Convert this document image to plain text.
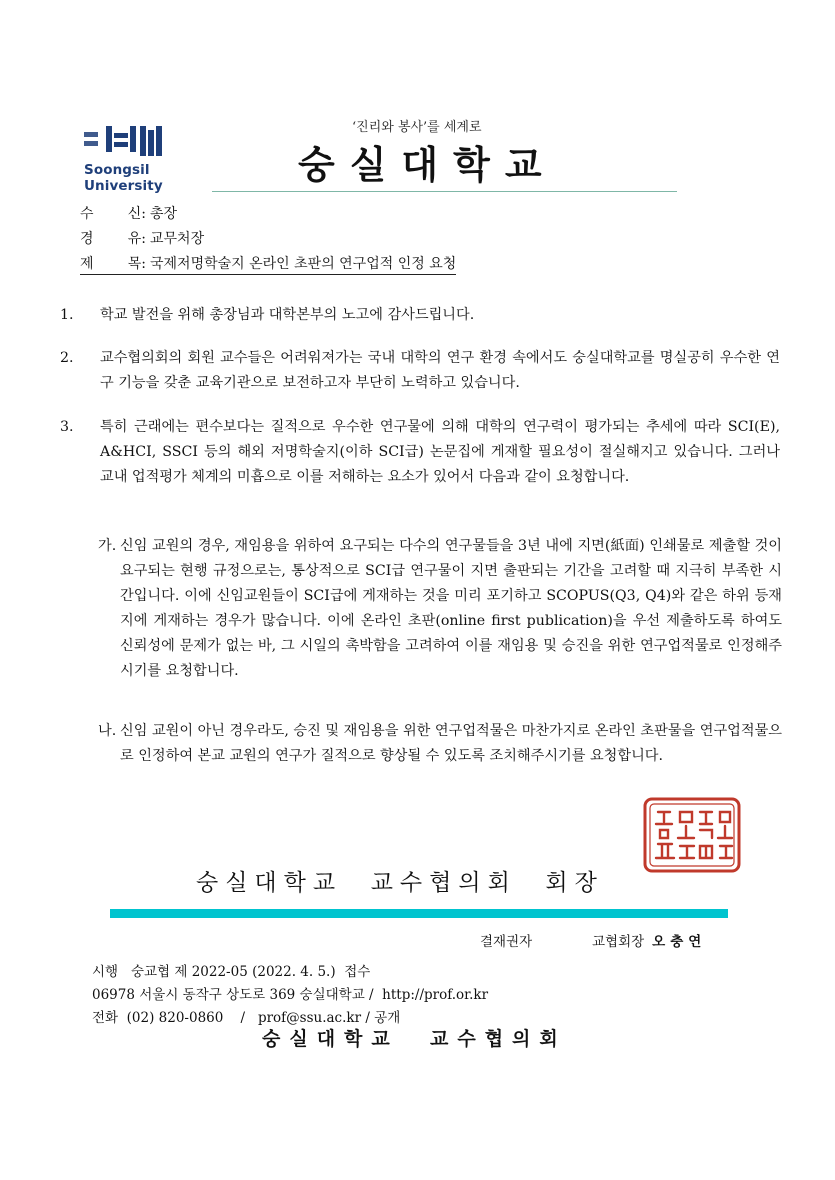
Soongsil University
‘진리와 봉사’를 세계로
숭실대학교
수 신: 총장
경 유: 교무처장
제 목: 국제저명학술지 온라인 초판의 연구업적 인정 요청
1. 학교 발전을 위해 총장님과 대학본부의 노고에 감사드립니다.
2. 교수협의회의 회원 교수들은 어려워져가는 국내 대학의 연구 환경 속에서도 숭실대학교를 명실공히 우수한 연구 기능을 갖춘 교육기관으로 보전하고자 부단히 노력하고 있습니다.
3. 특히 근래에는 편수보다는 질적으로 우수한 연구물에 의해 대학의 연구력이 평가되는 추세에 따라 SCI(E), A&HCI, SSCI 등의 해외 저명학술지(이하 SCI급) 논문집에 게재할 필요성이 절실해지고 있습니다. 그러나 교내 업적평가 체계의 미흡으로 이를 저해하는 요소가 있어서 다음과 같이 요청합니다.
가. 신임 교원의 경우, 재임용을 위하여 요구되는 다수의 연구물들을 3년 내에 지면(紙面) 인쇄물로 제출할 것이 요구되는 현행 규정으로는, 통상적으로 SCI급 연구물이 지면 출판되는 기간을 고려할 때 지극히 부족한 시간입니다. 이에 신임교원들이 SCI급에 게재하는 것을 미리 포기하고 SCOPUS(Q3, Q4)와 같은 하위 등재지에 게재하는 경우가 많습니다. 이에 온라인 초판(online first publication)을 우선 제출하도록 하여도 신뢰성에 문제가 없는 바, 그 시일의 촉박함을 고려하여 이를 재임용 및 승진을 위한 연구업적물로 인정해주시기를 요청합니다.
나. 신임 교원이 아닌 경우라도, 승진 및 재임용을 위한 연구업적물은 마찬가지로 온라인 초판물을 연구업적물으로 인정하여 본교 교원의 연구가 질적으로 향상될 수 있도록 조치해주시기를 요청합니다.
숭실대학교  교수협의회  회장
결재권자	교협회장 오충연
시행   숭교협 제 2022-05 (2022. 4. 5.)  접수
06978 서울시 동작구 상도로 369 숭실대학교 /  http://prof.or.kr
전화  (02) 820-0860    /   prof@ssu.ac.kr / 공개
숭실대학교  교수협의회
